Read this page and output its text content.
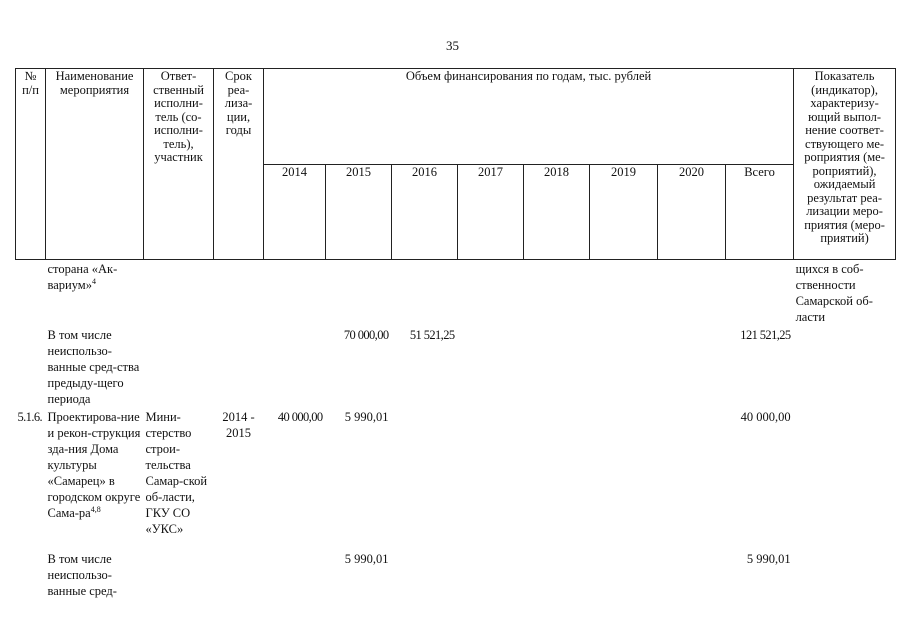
35
№ п/п	Наименование мероприятия	Ответ-ственный исполни-тель (со-исполни-тель), участник	Срок реа-лиза-ции, годы	Объем финансирования по годам, тыс. рублей								Показатель (индикатор), характеризу-ющий выпол-нение соответ-ствующего ме-роприятия (ме-роприятий), ожидаемый результат реа-лизации меро-приятия (меро-приятий)
				2014	2015	2016	2017	2018	2019	2020	Всего	
	сторана «Ак-вариум»$^4$											щихся в соб-ственности Самарской об-ласти
	В том числе неиспользо-ванные сред-ства предыду-щего периода				70 000,00	51 521,25					121 521,25	
5.1.6.	Проектирова-ние и рекон-струкция зда-ния Дома культуры «Самарец» в городском округе Сама-ра$^{4,8}$	Мини-стерство строи-тельства Самар-ской об-ласти, ГКУ СО «УКС»	2014 - 2015	40 000,00	5 990,01						40 000,00	
	В том числе неиспользо-ванные сред-				5 990,01						5 990,01	
